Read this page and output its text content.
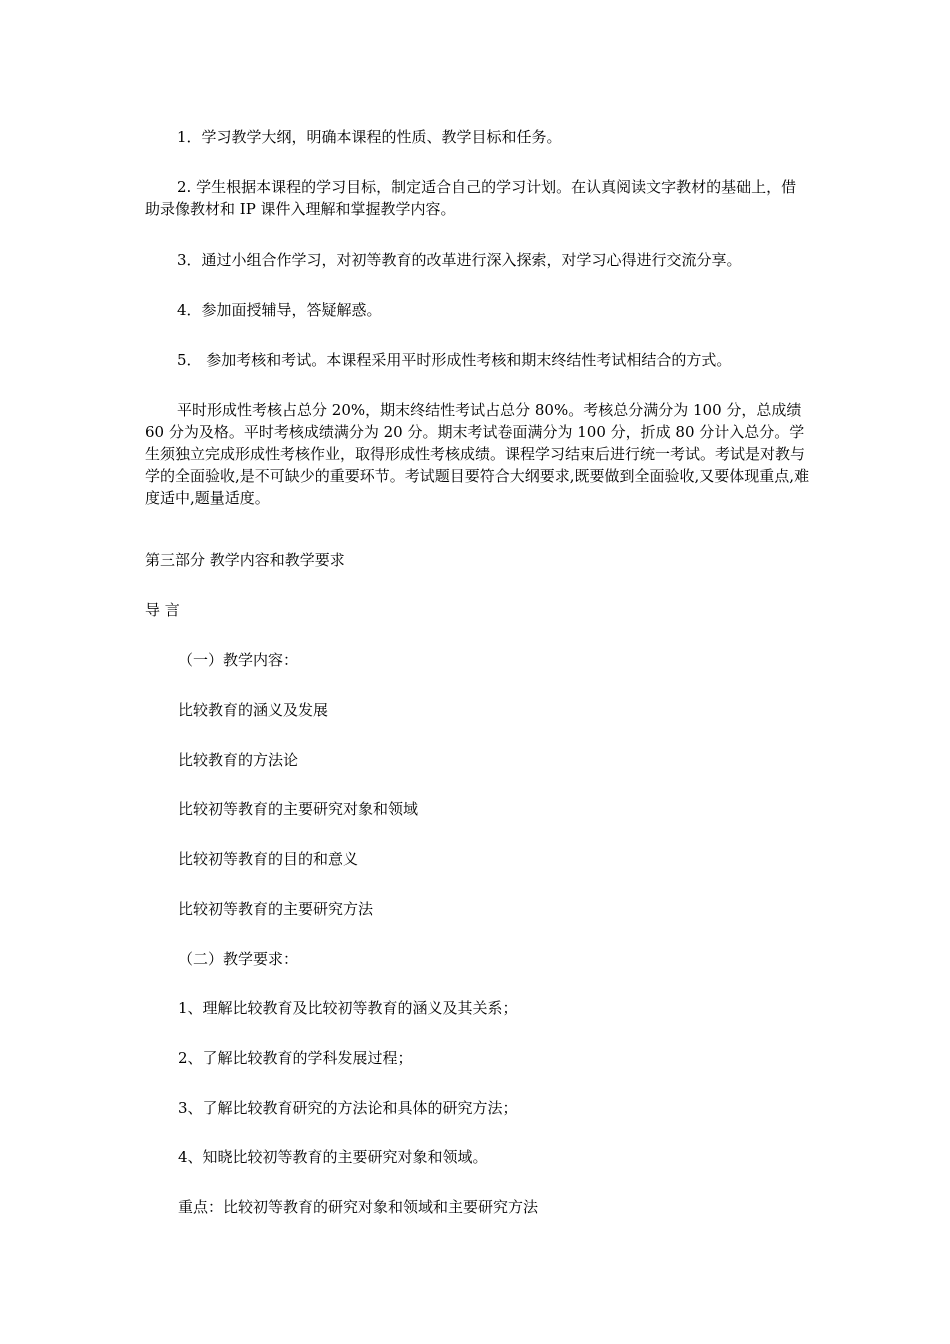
1．学习教学大纲，明确本课程的性质、教学目标和任务。

2. 学生根据本课程的学习目标，制定适合自己的学习计划。在认真阅读文字教材的基础上，借助录像教材和 IP 课件入理解和掌握教学内容。

3．通过小组合作学习，对初等教育的改革进行深入探索，对学习心得进行交流分享。

4．参加面授辅导，答疑解惑。

5． 参加考核和考试。本课程采用平时形成性考核和期末终结性考试相结合的方式。

平时形成性考核占总分 20%，期末终结性考试占总分 80%。考核总分满分为 100 分，总成绩 60 分为及格。平时考核成绩满分为 20 分。期末考试卷面满分为 100 分，折成 80 分计入总分。学生须独立完成形成性考核作业，取得形成性考核成绩。课程学习结束后进行统一考试。考试是对教与学的全面验收,是不可缺少的重要环节。考试题目要符合大纲要求,既要做到全面验收,又要体现重点,难度适中,题量适度。

第三部分 教学内容和教学要求

导 言

（一）教学内容：

比较教育的涵义及发展

比较教育的方法论

比较初等教育的主要研究对象和领域

比较初等教育的目的和意义

比较初等教育的主要研究方法

（二）教学要求：

1、理解比较教育及比较初等教育的涵义及其关系；

2、了解比较教育的学科发展过程；

3、了解比较教育研究的方法论和具体的研究方法；

4、知晓比较初等教育的主要研究对象和领域。

重点：比较初等教育的研究对象和领域和主要研究方法
